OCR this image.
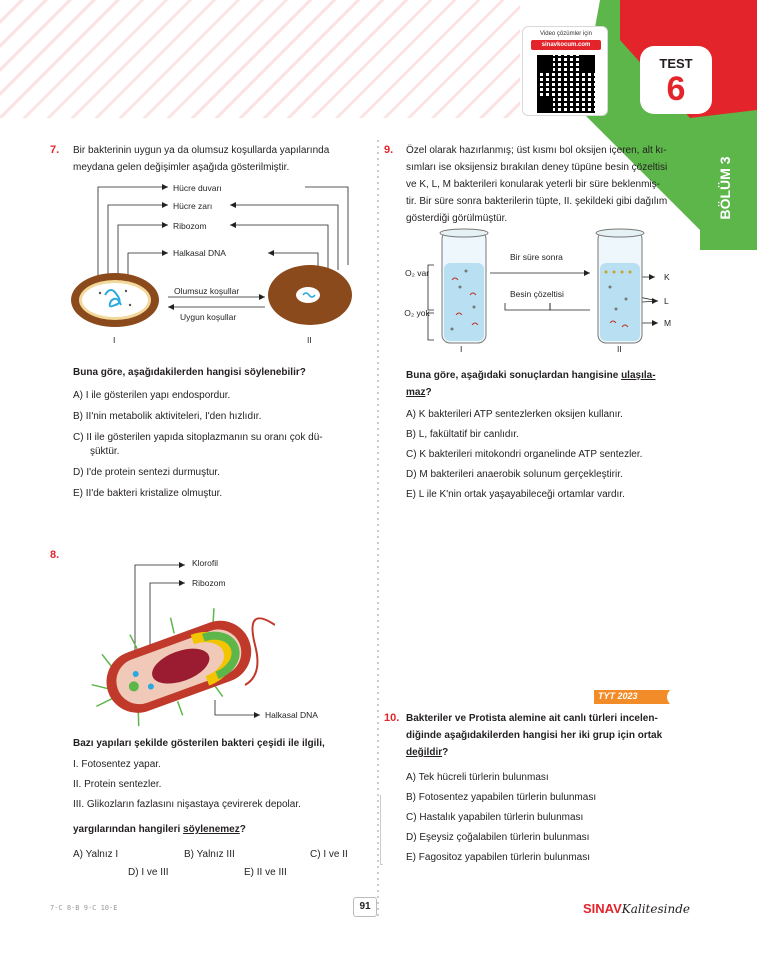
Video çözümler için
sinavkocum.com
TEST
6
BÖLÜM 3
7. Bir bakterinin uygun ya da olumsuz koşullarda yapılarında
meydana gelen değişimler aşağıda gösterilmiştir.
Hücre duvarı
Hücre zarı
Ribozom
Halkasal DNA
Olumsuz koşullar
Uygun koşullar
I	II
Buna göre, aşağıdakilerden hangisi söylenebilir?
A) I ile gösterilen yapı endospordur.
B) II'nin metabolik aktiviteleri, I'den hızlıdır.
C) II ile gösterilen yapıda sitoplazmanın su oranı çok dü-
şüktür.
D) I'de protein sentezi durmuştur.
E) II'de bakteri kristalize olmuştur.
8.
Klorofil
Ribozom
Halkasal DNA
Bazı yapıları şekilde gösterilen bakteri çeşidi ile ilgili,
I. Fotosentez yapar.
II. Protein sentezler.
III. Glikozların fazlasını nişastaya çevirerek depolar.
yargılarından hangileri söylenemez?
A) Yalnız I	B) Yalnız III	C) I ve II
D) I ve III	E) II ve III
9. Özel olarak hazırlanmış; üst kısmı bol oksijen içeren, alt kı-
sımları ise oksijensiz bırakılan deney tüpüne besin çözeltisi
ve K, L, M bakterileri konularak yeterli bir süre beklenmiş-
tir. Bir süre sonra bakterilerin tüpte, II. şekildeki gibi dağılım
gösterdiği görülmüştür.
Bir süre sonra
Besin çözeltisi
O₂ var
O₂ yok
K
L
M
I	II
Buna göre, aşağıdaki sonuçlardan hangisine ulaşıla-
maz?
A) K bakterileri ATP sentezlerken oksijen kullanır.
B) L, fakültatif bir canlıdır.
C) K bakterileri mitokondri organelinde ATP sentezler.
D) M bakterileri anaerobik solunum gerçekleştirir.
E) L ile K'nin ortak yaşayabileceği ortamlar vardır.
TYT 2023
10. Bakteriler ve Protista alemine ait canlı türleri incelen-
diğinde aşağıdakilerden hangisi her iki grup için ortak
değildir?
A) Tek hücreli türlerin bulunması
B) Fotosentez yapabilen türlerin bulunması
C) Hastalık yapabilen türlerin bulunması
D) Eşeysiz çoğalabilen türlerin bulunması
E) Fagositoz yapabilen türlerin bulunması
7-C 8-B 9-C 10-E	91	SINAVKalitesinde
